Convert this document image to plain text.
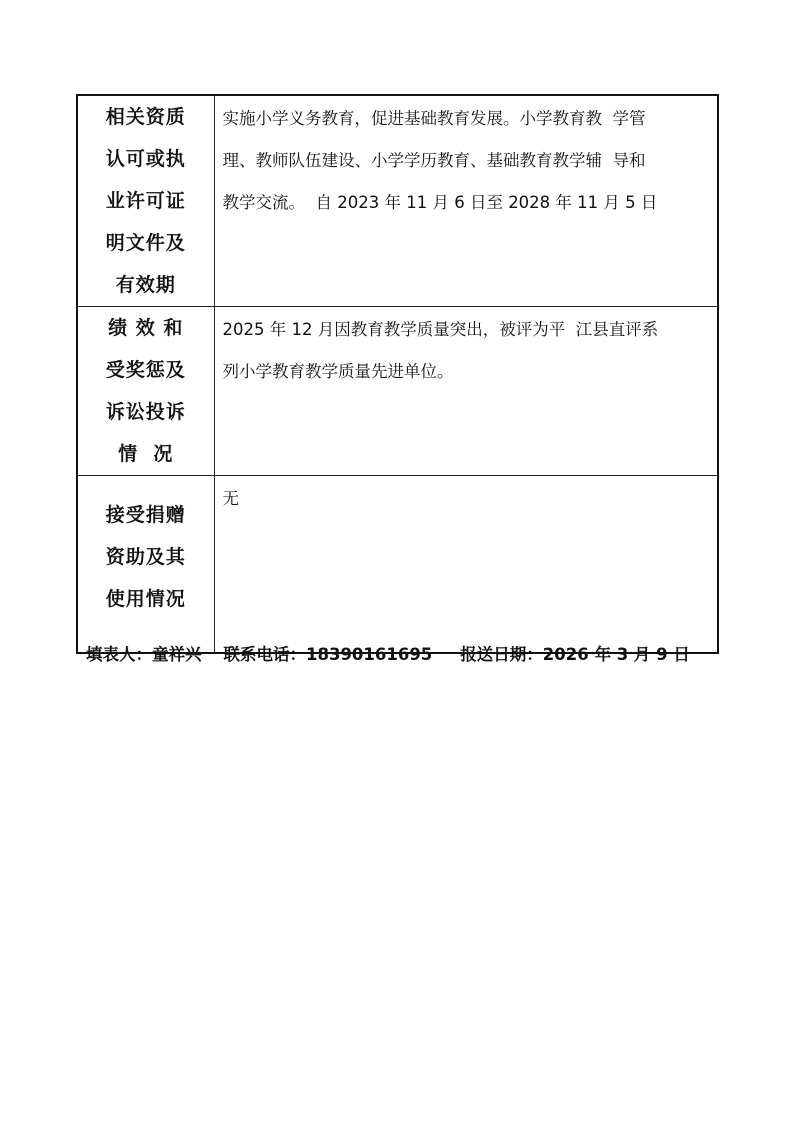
相关资质
认可或执
业许可证
明文件及
有效期	实施小学义务教育，促进基础教育发展。小学教育教  学管
理、教师队伍建设、小学学历教育、基础教育教学辅  导和
教学交流。  自 2023 年 11 月 6 日至 2028 年 11 月 5 日

绩 效 和
受奖惩及
诉讼投诉
情  况	2025 年 12 月因教育教学质量突出，被评为平  江县直评系
列小学教育教学质量先进单位。

接受捐赠
资助及其
使用情况	无
填表人：童祥兴 联系电话：18390161695 报送日期：2026 年 3 月 9 日
